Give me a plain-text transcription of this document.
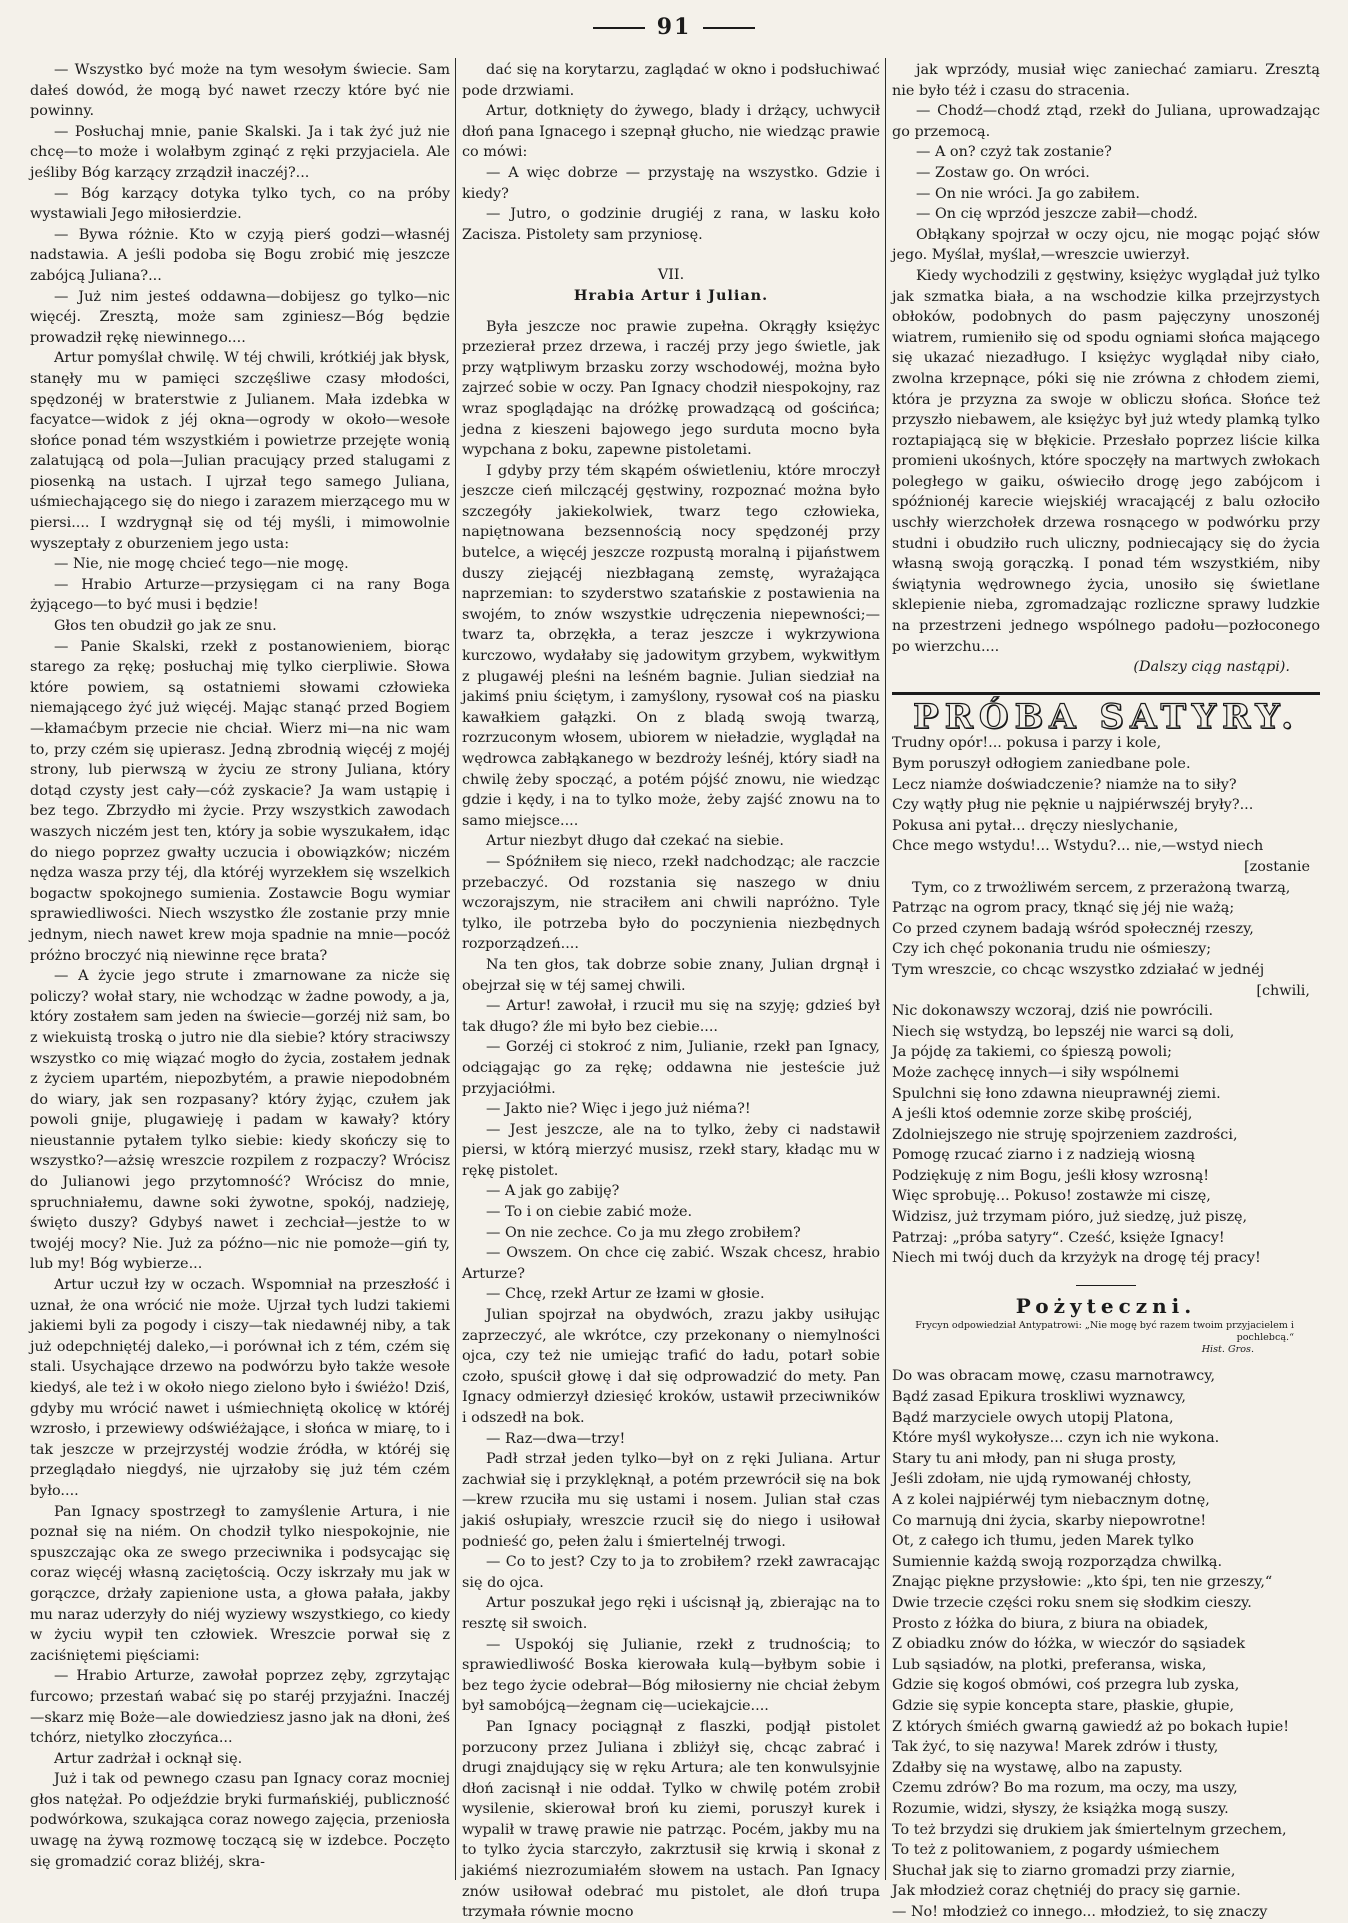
91

— Wszystko być może na tym wesołym świecie. Sam dałeś dowód, że mogą być nawet rzeczy które być nie powinny.

— Posłuchaj mnie, panie Skalski. Ja i tak żyć już nie chcę—to może i wolałbym zginąć z ręki przyjaciela. Ale jeśliby Bóg karzący zrządził inaczéj?...

— Bóg karzący dotyka tylko tych, co na próby wystawiali Jego miłosierdzie.

— Bywa różnie. Kto w czyją pierś godzi—własnéj nadstawia. A jeśli podoba się Bogu zrobić mię jeszcze zabójcą Juliana?...

— Już nim jesteś oddawna—dobijesz go tylko—nic więcéj. Zresztą, może sam zginiesz—Bóg będzie prowadził rękę niewinnego....

Artur pomyślał chwilę. W téj chwili, krótkiéj jak błysk, stanęły mu w pamięci szczęśliwe czasy młodości, spędzonéj w braterstwie z Julianem. Mała izdebka w facyatce—widok z jéj okna—ogrody w około—wesołe słońce ponad tém wszystkiém i powietrze przejęte wonią zalatującą od pola—Julian pracujący przed stalugami z piosenką na ustach. I ujrzał tego samego Juliana, uśmiechającego się do niego i zarazem mierzącego mu w piersi.... I wzdrygnął się od téj myśli, i mimowolnie wyszeptały z oburzeniem jego usta:

— Nie, nie mogę chcieć tego—nie mogę.

— Hrabio Arturze—przysięgam ci na rany Boga żyjącego—to być musi i będzie!

Głos ten obudził go jak ze snu.

— Panie Skalski, rzekł z postanowieniem, biorąc starego za rękę; posłuchaj mię tylko cierpliwie. Słowa które powiem, są ostatniemi słowami człowieka niemającego żyć już więcéj. Mając stanąć przed Bogiem—kłamaćbym przecie nie chciał. Wierz mi—na nic wam to, przy czém się upierasz. Jedną zbrodnią więcéj z mojéj strony, lub pierwszą w życiu ze strony Juliana, który dotąd czysty jest cały—cóż zyskacie? Ja wam ustąpię i bez tego. Zbrzydło mi życie. Przy wszystkich zawodach waszych niczém jest ten, który ja sobie wyszukałem, idąc do niego poprzez gwałty uczucia i obowiązków; niczém nędza wasza przy téj, dla któréj wyrzekłem się wszelkich bogactw spokojnego sumienia. Zostawcie Bogu wymiar sprawiedliwości. Niech wszystko źle zostanie przy mnie jednym, niech nawet krew moja spadnie na mnie—pocóż próżno broczyć nią niewinne ręce brata?

— A życie jego strute i zmarnowane za nicże się policzy? wołał stary, nie wchodząc w żadne powody, a ja, który zostałem sam jeden na świecie—gorzéj niż sam, bo z wiekuistą troską o jutro nie dla siebie? który straciwszy wszystko co mię wiązać mogło do życia, zostałem jednak z życiem upartém, niepozbytém, a prawie niepodobném do wiary, jak sen rozpasany? który żyjąc, czułem jak powoli gnije, plugawieję i padam w kawały? który nieustannie pytałem tylko siebie: kiedy skończy się to wszystko?—ażsię wreszcie rozpilem z rozpaczy? Wrócisz do Julianowi jego przytomność? Wrócisz do mnie, spruchniałemu, dawne soki żywotne, spokój, nadzieję, święto duszy? Gdybyś nawet i zechciał—jestże to w twojéj mocy? Nie. Już za późno—nic nie pomoże—giń ty, lub my! Bóg wybierze...

Artur uczuł łzy w oczach. Wspomniał na przeszłość i uznał, że ona wrócić nie może. Ujrzał tych ludzi takiemi jakiemi byli za pogody i ciszy—tak niedawnéj niby, a tak już odepchniętéj daleko,—i porównał ich z tém, czém się stali. Usychające drzewo na podwórzu było także wesołe kiedyś, ale też i w około niego zielono było i świéżo! Dziś, gdyby mu wrócić nawet i uśmiechniętą okolicę w któréj wzrosło, i przewiewy odświéżające, i słońca w miarę, to i tak jeszcze w przejrzystéj wodzie źródła, w któréj się przeglądało niegdyś, nie ujrzałoby się już tém czém było....

Pan Ignacy spostrzegł to zamyślenie Artura, i nie poznał się na niém. On chodził tylko niespokojnie, nie spuszczając oka ze swego przeciwnika i podsycając się coraz więcéj własną zaciętością. Oczy iskrzały mu jak w gorączce, drżały zapienione usta, a głowa pałała, jakby mu naraz uderzyły do niéj wyziewy wszystkiego, co kiedy w życiu wypił ten człowiek. Wreszcie porwał się z zaciśniętemi pięściami:

— Hrabio Arturze, zawołał poprzez zęby, zgrzytając furcowo; przestań wabać się po staréj przyjaźni. Inaczéj—skarz mię Boże—ale dowiedziesz jasno jak na dłoni, żeś tchórz, nietylko złoczyńca...

Artur zadrżał i ocknął się.

Już i tak od pewnego czasu pan Ignacy coraz mocniej głos natężał. Po odjeździe bryki furmańskiéj, publiczność podwórkowa, szukająca coraz nowego zajęcia, przeniosła uwagę na żywą rozmowę toczącą się w izdebce. Poczęto się gromadzić coraz bliżéj, skra-

dać się na korytarzu, zaglądać w okno i podsłuchiwać pode drzwiami.

Artur, dotknięty do żywego, blady i drżący, uchwycił dłoń pana Ignacego i szepnął głucho, nie wiedząc prawie co mówi:

— A więc dobrze — przystaję na wszystko. Gdzie i kiedy?

— Jutro, o godzinie drugiéj z rana, w lasku koło Zacisza. Pistolety sam przyniosę.

VII.
Hrabia Artur i Julian.

Była jeszcze noc prawie zupełna. Okrągły księżyc przezierał przez drzewa, i raczéj przy jego świetle, jak przy wątpliwym brzasku zorzy wschodowéj, można było zajrzeć sobie w oczy. Pan Ignacy chodził niespokojny, raz wraz spoglądając na dróżkę prowadzącą od gościńca; jedna z kieszeni bajowego jego surduta mocno była wypchana z boku, zapewne pistoletami.

I gdyby przy tém skąpém oświetleniu, które mroczył jeszcze cień milczącéj gęstwiny, rozpoznać można było szczegóły jakiekolwiek, twarz tego człowieka, napiętnowana bezsennością nocy spędzonéj przy butelce, a więcéj jeszcze rozpustą moralną i pijaństwem duszy ziejącéj niezbłaganą zemstę, wyrażająca naprzemian: to szyderstwo szatańskie z postawienia na swojém, to znów wszystkie udręczenia niepewności;—twarz ta, obrzękła, a teraz jeszcze i wykrzywiona kurczowo, wydałaby się jadowitym grzybem, wykwitłym z plugawéj pleśni na leśném bagnie. Julian siedział na jakimś pniu ściętym, i zamyślony, rysował coś na piasku kawałkiem gałązki. On z bladą swoją twarzą, rozrzuconym włosem, ubiorem w nieładzie, wyglądał na wędrowca zabłąkanego w bezdroży leśnéj, który siadł na chwilę żeby spocząć, a potém pójść znowu, nie wiedząc gdzie i kędy, i na to tylko może, żeby zajść znowu na to samo miejsce....

Artur niezbyt długo dał czekać na siebie.

— Spóźniłem się nieco, rzekł nadchodząc; ale raczcie przebaczyć. Od rozstania się naszego w dniu wczorajszym, nie straciłem ani chwili napróżno. Tyle tylko, ile potrzeba było do poczynienia niezbędnych rozporządzeń....

Na ten głos, tak dobrze sobie znany, Julian drgnął i obejrzał się w téj samej chwili.

— Artur! zawołał, i rzucił mu się na szyję; gdzieś był tak długo? źle mi było bez ciebie....

— Gorzéj ci stokroć z nim, Julianie, rzekł pan Ignacy, odciągając go za rękę; oddawna nie jesteście już przyjaciółmi.

— Jakto nie? Więc i jego już niéma?!

— Jest jeszcze, ale na to tylko, żeby ci nadstawił piersi, w którą mierzyć musisz, rzekł stary, kładąc mu w rękę pistolet.

— A jak go zabiję?

— To i on ciebie zabić może.

— On nie zechce. Co ja mu złego zrobiłem?

— Owszem. On chce cię zabić. Wszak chcesz, hrabio Arturze?

— Chcę, rzekł Artur ze łzami w głosie.

Julian spojrzał na obydwóch, zrazu jakby usiłując zaprzeczyć, ale wkrótce, czy przekonany o niemylności ojca, czy też nie umiejąc trafić do ładu, potarł sobie czoło, spuścił głowę i dał się odprowadzić do mety. Pan Ignacy odmierzył dziesięć kroków, ustawił przeciwników i odszedł na bok.

— Raz—dwa—trzy!

Padł strzał jeden tylko—był on z ręki Juliana. Artur zachwiał się i przyklęknął, a potém przewrócił się na bok—krew rzuciła mu się ustami i nosem. Julian stał czas jakiś osłupiały, wreszcie rzucił się do niego i usiłował podnieść go, pełen żalu i śmiertelnéj trwogi.

— Co to jest? Czy to ja to zrobiłem? rzekł zawracając się do ojca.

Artur poszukał jego ręki i uścisnął ją, zbierając na to resztę sił swoich.

— Uspokój się Julianie, rzekł z trudnością; to sprawiedliwość Boska kierowała kulą—byłbym sobie i bez tego życie odebrał—Bóg miłosierny nie chciał żebym był samobójcą—żegnam cię—uciekajcie....

Pan Ignacy pociągnął z flaszki, podjął pistolet porzucony przez Juliana i zbliżył się, chcąc zabrać i drugi znajdujący się w ręku Artura; ale ten konwulsyjnie dłoń zacisnął i nie oddał. Tylko w chwilę potém zrobił wysilenie, skierował broń ku ziemi, poruszył kurek i wypalił w trawę prawie nie patrząc. Pocém, jakby mu na to tylko życia starczyło, zakrztusił się krwią i skonał z jakiémś niezrozumiałém słowem na ustach. Pan Ignacy znów usiłował odebrać mu pistolet, ale dłoń trupa trzymała równie mocno

jak wprzódy, musiał więc zaniechać zamiaru. Zresztą nie było téż i czasu do stracenia.

— Chodź—chodź ztąd, rzekł do Juliana, uprowadzając go przemocą.

— A on? czyż tak zostanie?

— Zostaw go. On wróci.

— On nie wróci. Ja go zabiłem.

— On cię wprzód jeszcze zabił—chodź.

Obłąkany spojrzał w oczy ojcu, nie mogąc pojąć słów jego. Myślał, myślał,—wreszcie uwierzył.

Kiedy wychodzili z gęstwiny, księżyc wyglądał już tylko jak szmatka biała, a na wschodzie kilka przejrzystych obłoków, podobnych do pasm pajęczyny unoszonéj wiatrem, rumieniło się od spodu ogniami słońca mającego się ukazać niezadługo. I księżyc wyglądał niby ciało, zwolna krzepnące, póki się nie zrówna z chłodem ziemi, która je przyzna za swoje w obliczu słońca. Słońce też przyszło niebawem, ale księżyc był już wtedy plamką tylko roztapiającą się w błękicie. Przesłało poprzez liście kilka promieni ukośnych, które spoczęły na martwych zwłokach poległego w gaiku, oświeciło drogę jego zabójcom i spóźnionéj karecie wiejskiéj wracającéj z balu ozłociło uschły wierzchołek drzewa rosnącego w podwórku przy studni i obudziło ruch uliczny, podniecający się do życia własną swoją gorączką. I ponad tém wszystkiém, niby świątynia wędrownego życia, unosiło się świetlane sklepienie nieba, zgromadzając rozliczne sprawy ludzkie na przestrzeni jednego wspólnego padołu—pozłoconego po wierzchu....

(Dalszy ciąg nastąpi).
PRÓBA SATYRY.
Trudny opór!... pokusa i parzy i kole,
Bym poruszył odłogiem zaniedbane pole.
Lecz niamże doświadczenie? niamże na to siły?
Czy wątły pług nie pęknie u najpiérwszéj bryły?...
Pokusa ani pytał... dręczy nieslychanie,
Chce mego wstydu!... Wstydu?... nie,—wstyd niech
[zostanie
Tym, co z trwożliwém sercem, z przerażoną twarzą,
Patrząc na ogrom pracy, tknąć się jéj nie ważą;
Co przed czynem badają wśród społecznéj rzeszy,
Czy ich chęć pokonania trudu nie ośmieszy;
Tym wreszcie, co chcąc wszystko zdziałać w jednéj
[chwili,
Nic dokonawszy wczoraj, dziś nie powrócili.
Niech się wstydzą, bo lepszéj nie warci są doli,
Ja pójdę za takiemi, co śpieszą powoli;
Może zachęcę innych—i siły wspólnemi
Spulchni się łono zdawna nieuprawnéj ziemi.
A jeśli ktoś odemnie zorze skibę prościéj,
Zdolniejszego nie struję spojrzeniem zazdrości,
Pomogę rzucać ziarno i z nadzieją wiosną
Podziękuję z nim Bogu, jeśli kłosy wzrosną!
Więc sprobuję... Pokuso! zostawże mi ciszę,
Widzisz, już trzymam pióro, już siedzę, już piszę,
Patrzaj: „próba satyry“. Cześć, księże Ignacy!
Niech mi twój duch da krzyżyk na drogę téj pracy!
Pożyteczni.
Frycyn odpowiedział Antypatrowi: „Nie mogę być razem twoim przyjacielem i pochlebcą.“
Hist. Gros.
Do was obracam mowę, czasu marnotrawcy,
Bądź zasad Epikura troskliwi wyznawcy,
Bądź marzyciele owych utopij Platona,
Które myśl wykołysze... czyn ich nie wykona.
Stary tu ani młody, pan ni sługa prosty,
Jeśli zdołam, nie ujdą rymowanéj chłosty,
A z kolei najpiérwéj tym niebacznym dotnę,
Co marnują dni życia, skarby niepowrotne!
Ot, z całego ich tłumu, jeden Marek tylko
Sumiennie każdą swoją rozporządza chwilką.
Znając piękne przysłowie: „kto śpi, ten nie grzeszy,“
Dwie trzecie części roku snem się słodkim cieszy.
Prosto z łóżka do biura, z biura na obiadek,
Z obiadku znów do łóżka, w wieczór do sąsiadek
Lub sąsiadów, na plotki, preferansa, wiska,
Gdzie się kogoś obmówi, coś przegra lub zyska,
Gdzie się sypie koncepta stare, płaskie, głupie,
Z których śmiéch gwarną gawiedź aż po bokach łupie!
Tak żyć, to się nazywa! Marek zdrów i tłusty,
Zdałby się na wystawę, albo na zapusty.
Czemu zdrów? Bo ma rozum, ma oczy, ma uszy,
Rozumie, widzi, słyszy, że książka mogą suszy.
To też brzydzi się drukiem jak śmiertelnym grzechem,
To też z politowaniem, z pogardy uśmiechem
Słuchał jak się to ziarno gromadzi przy ziarnie,
Jak młodzież coraz chętniéj do pracy się garnie.
— No! młodzież co innego... młodzież, to się znaczy
